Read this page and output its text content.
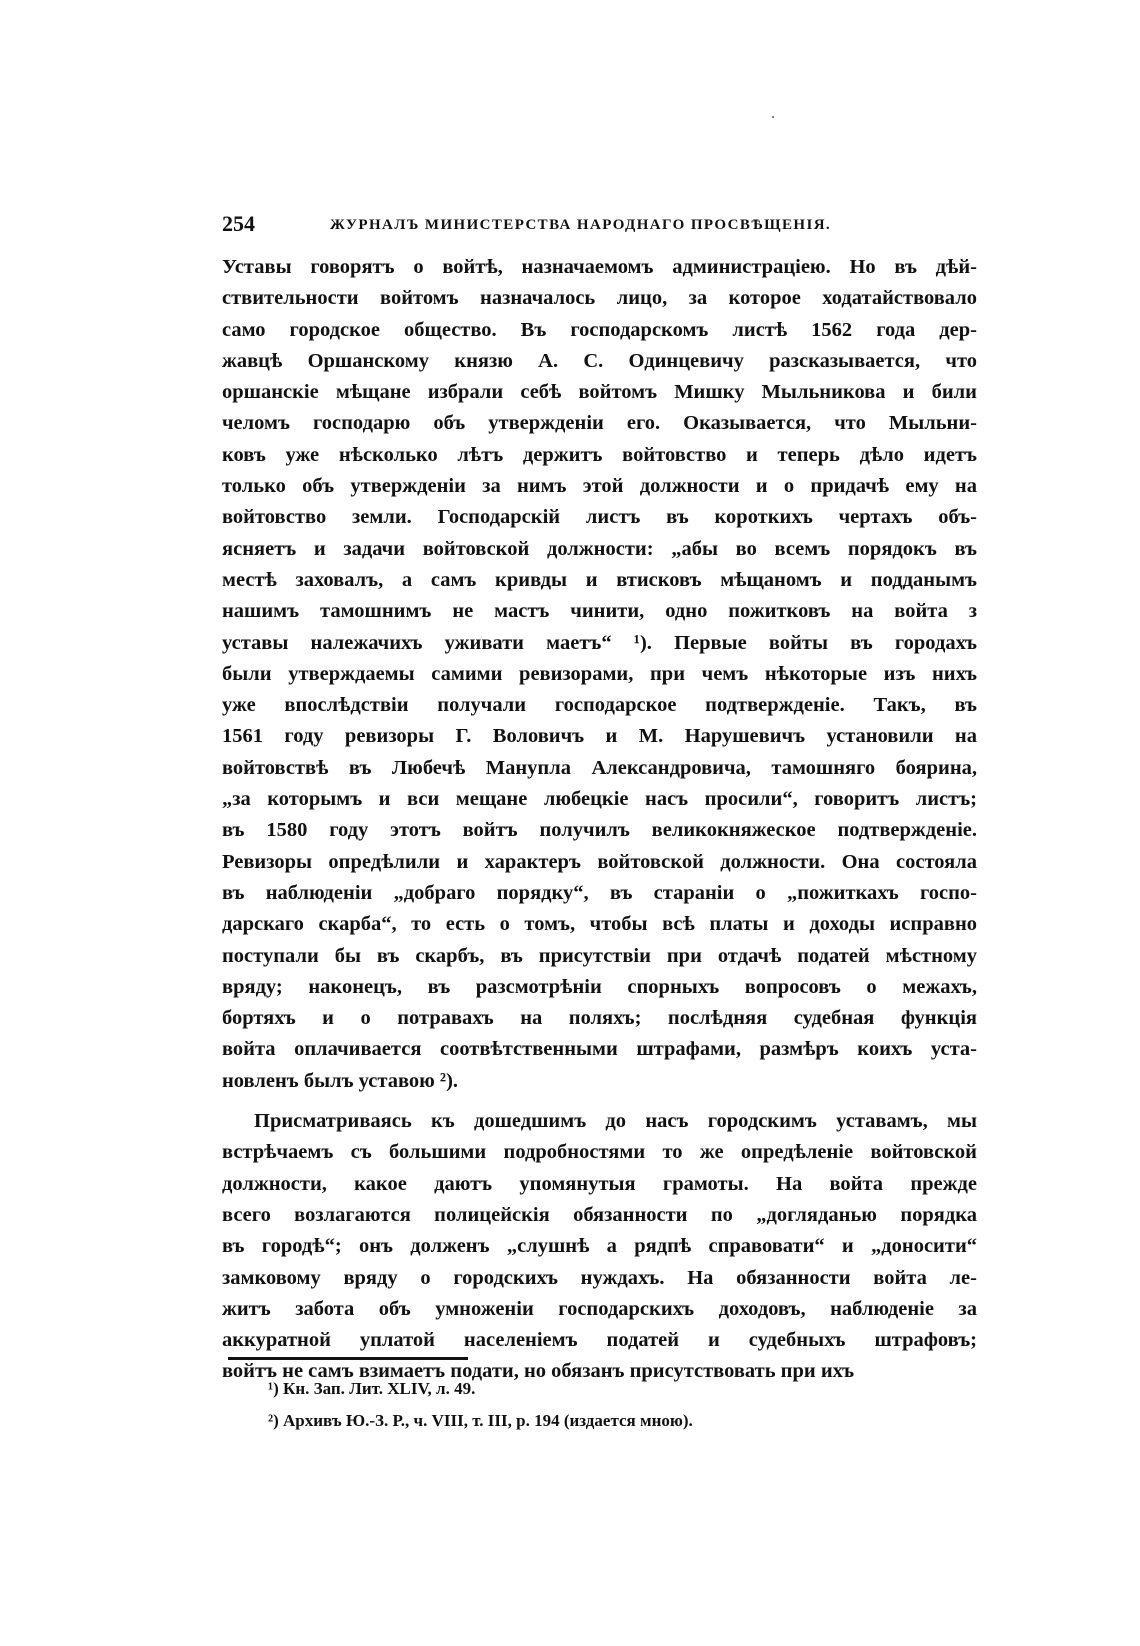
254	ЖУРНАЛЪ МИНИСТЕРСТВА НАРОДНАГО ПРОСВѢЩЕНІЯ.
Уставы говорятъ о войтѣ, назначаемомъ администраціею. Но въ дѣй-
ствительности войтомъ назначалось лицо, за которое ходатайствовало
само городское общество. Въ господарскомъ листѣ 1562 года дер-
жавцѣ Оршанскому князю А. С. Одинцевичу разсказывается, что
оршанскіе мѣщане избрали себѣ войтомъ Мишку Мыльникова и били
челомъ господарю объ утвержденіи его. Оказывается, что Мыльни-
ковъ уже нѣсколько лѣтъ держитъ войтовство и теперь дѣло идетъ
только объ утвержденіи за нимъ этой должности и о придачѣ ему на
войтовство земли. Господарскій листъ въ короткихъ чертахъ объ-
ясняетъ и задачи войтовской должности: „абы во всемъ порядокъ въ
местѣ заховалъ, а самъ кривды и втисковъ мѣщаномъ и подданымъ
нашимъ тамошнимъ не мастъ чинити, одно пожитковъ на войта з
уставы належачихъ уживати маетъ“ ¹). Первые войты въ городахъ
были утверждаемы самими ревизорами, при чемъ нѣкоторые изъ нихъ
уже впослѣдствіи получали господарское подтвержденіе. Такъ, въ
1561 году ревизоры Г. Воловичъ и М. Нарушевичъ установили на
войтовствѣ въ Любечѣ Манупла Александровича, тамошняго боярина,
„за которымъ и вси мещане любецкіе насъ просили“, говоритъ листъ;
въ 1580 году этотъ войтъ получилъ великокняжеское подтвержденіе.
Ревизоры опредѣлили и характеръ войтовской должности. Она состояла
въ наблюденіи „добраго порядку“, въ стараніи о „пожиткахъ госпо-
дарскаго скарба“, то есть о томъ, чтобы всѣ платы и доходы исправно
поступали бы въ скарбъ, въ присутствіи при отдачѣ податей мѣстному
вряду; наконецъ, въ разсмотрѣніи спорныхъ вопросовъ о межахъ,
бортяхъ и о потравахъ на поляхъ; послѣдняя судебная функція
войта оплачивается соотвѣтственными штрафами, размѣръ коихъ уста-
новленъ былъ уставою ²).
Присматриваясь къ дошедшимъ до насъ городскимъ уставамъ, мы
встрѣчаемъ съ большими подробностями то же опредѣленіе войтовской
должности, какое даютъ упомянутыя грамоты. На войта прежде
всего возлагаются полицейскія обязанности по „догляданью порядка
въ городѣ“; онъ долженъ „слушнѣ а рядпѣ справовати“ и „доносити“
замковому вряду о городскихъ нуждахъ. На обязанности войта ле-
житъ забота объ умноженіи господарскихъ доходовъ, наблюденіе за
аккуратной уплатой населеніемъ податей и судебныхъ штрафовъ;
войтъ не самъ взимаетъ подати, но обязанъ присутствовать при ихъ
¹) Кн. Зап. Лит. XLIV, л. 49.
²) Архивъ Ю.-З. Р., ч. VIII, т. III, р. 194 (издается мною).
